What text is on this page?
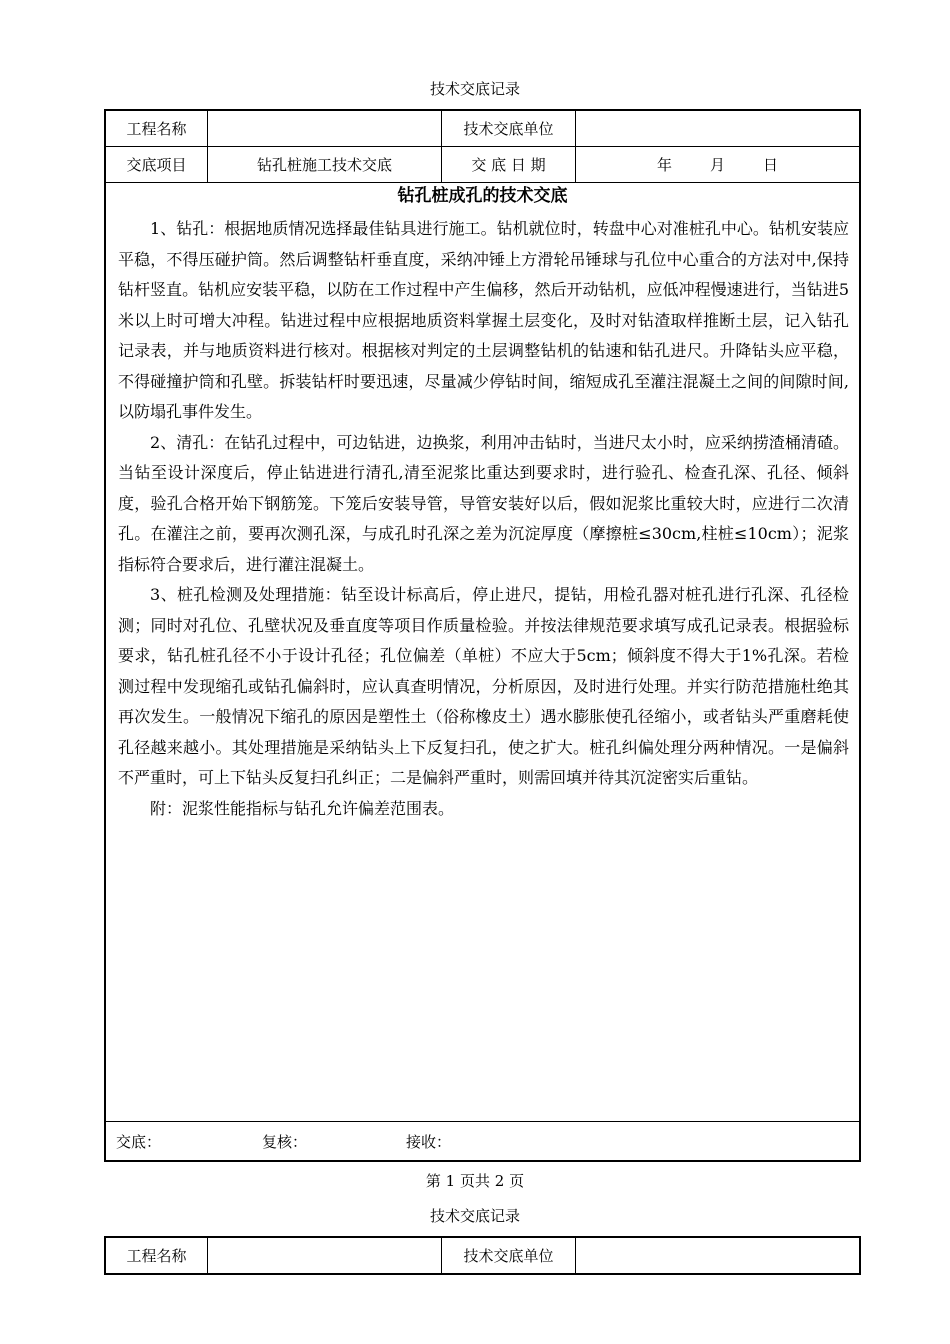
技术交底记录
工程名称	技术交底单位
交底项目	钻孔桩施工技术交底	交 底 日 期	年	月	日
钻孔桩成孔的技术交底

1、钻孔：根据地质情况选择最佳钻具进行施工。钻机就位时，转盘中心对准桩孔中心。钻机安装应平稳，不得压碰护筒。然后调整钻杆垂直度，采纳冲锤上方滑轮吊锤球与孔位中心重合的方法对中,保持钻杆竖直。钻机应安装平稳，以防在工作过程中产生偏移，然后开动钻机，应低冲程慢速进行，当钻进5米以上时可增大冲程。钻进过程中应根据地质资料掌握土层变化，及时对钻渣取样推断土层，记入钻孔记录表，并与地质资料进行核对。根据核对判定的土层调整钻机的钻速和钻孔进尺。升降钻头应平稳，不得碰撞护筒和孔壁。拆装钻杆时要迅速，尽量减少停钻时间，缩短成孔至灌注混凝土之间的间隙时间,以防塌孔事件发生。

2、清孔：在钻孔过程中，可边钻进，边换浆，利用冲击钻时，当进尺太小时，应采纳捞渣桶清碴。当钻至设计深度后，停止钻进进行清孔,清至泥浆比重达到要求时，进行验孔、检查孔深、孔径、倾斜度，验孔合格开始下钢筋笼。下笼后安装导管，导管安装好以后，假如泥浆比重较大时，应进行二次清孔。在灌注之前，要再次测孔深，与成孔时孔深之差为沉淀厚度（摩擦桩≤30cm,柱桩≤10cm）；泥浆指标符合要求后，进行灌注混凝土。

3、桩孔检测及处理措施：钻至设计标高后，停止进尺，提钻，用检孔器对桩孔进行孔深、孔径检测；同时对孔位、孔壁状况及垂直度等项目作质量检验。并按法律规范要求填写成孔记录表。根据验标要求，钻孔桩孔径不小于设计孔径；孔位偏差（单桩）不应大于5cm；倾斜度不得大于1%孔深。若检测过程中发现缩孔或钻孔偏斜时，应认真查明情况，分析原因，及时进行处理。并实行防范措施杜绝其再次发生。一般情况下缩孔的原因是塑性土（俗称橡皮土）遇水膨胀使孔径缩小，或者钻头严重磨耗使孔径越来越小。其处理措施是采纳钻头上下反复扫孔，使之扩大。桩孔纠偏处理分两种情况。一是偏斜不严重时，可上下钻头反复扫孔纠正；二是偏斜严重时，则需回填并待其沉淀密实后重钻。

附：泥浆性能指标与钻孔允许偏差范围表。

交底：	复核：	接收：
第 1 页共 2 页
技术交底记录
工程名称	技术交底单位
